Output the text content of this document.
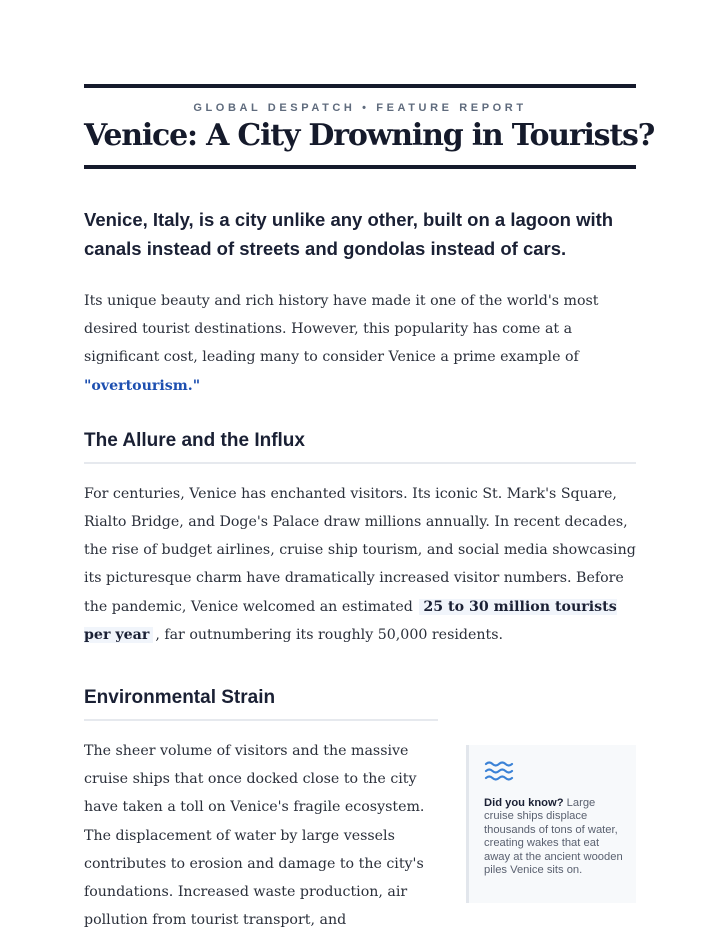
GLOBAL DESPATCH • FEATURE REPORT
Venice: A City Drowning in Tourists?

Venice, Italy, is a city unlike any other, built on a lagoon with canals instead of streets and gondolas instead of cars.

Its unique beauty and rich history have made it one of the world's most desired tourist destinations. However, this popularity has come at a significant cost, leading many to consider Venice a prime example of "overtourism."

The Allure and the Influx

For centuries, Venice has enchanted visitors. Its iconic St. Mark's Square, Rialto Bridge, and Doge's Palace draw millions annually. In recent decades, the rise of budget airlines, cruise ship tourism, and social media showcasing its picturesque charm have dramatically increased visitor numbers. Before the pandemic, Venice welcomed an estimated 25 to 30 million tourists per year , far outnumbering its roughly 50,000 residents.

Environmental Strain

The sheer volume of visitors and the massive cruise ships that once docked close to the city have taken a toll on Venice's fragile ecosystem. The displacement of water by large vessels contributes to erosion and damage to the city's foundations. Increased waste production, air pollution from tourist transport, and

Did you know? Large cruise ships displace thousands of tons of water, creating wakes that eat away at the ancient wooden piles Venice sits on.
